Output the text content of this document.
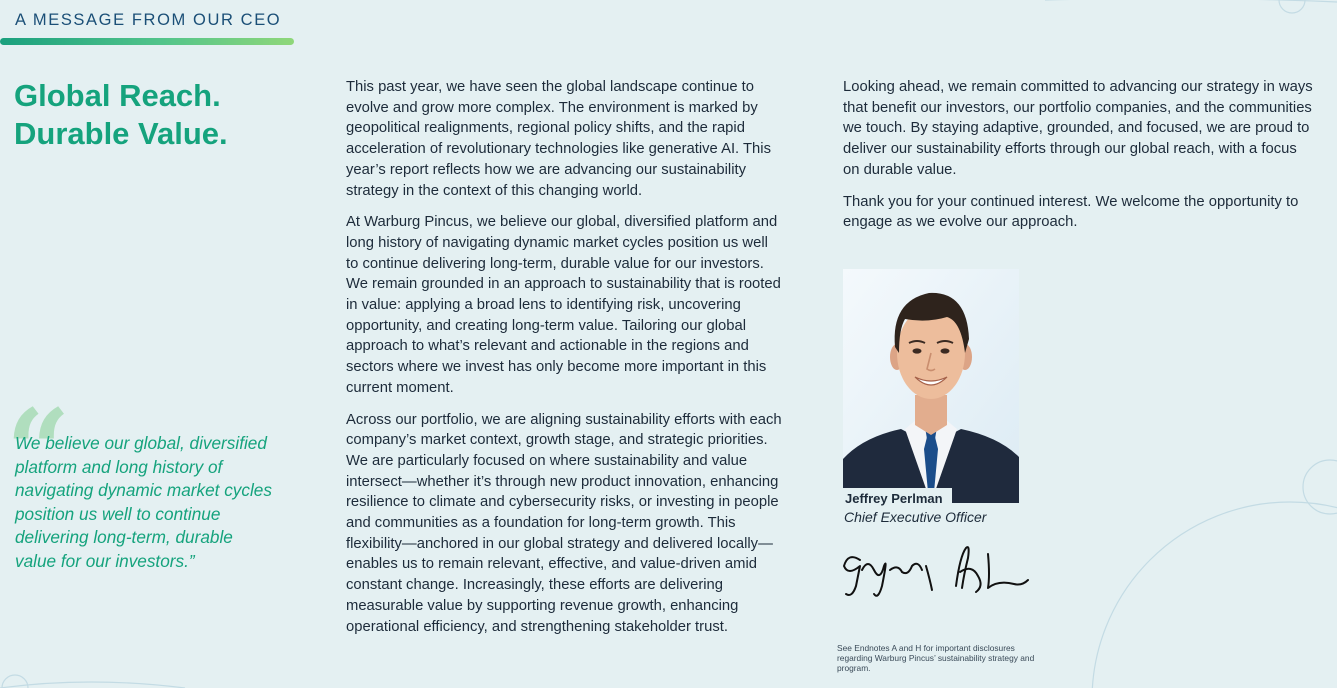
A MESSAGE FROM OUR CEO
Global Reach.
Durable Value.
“
We believe our global, diversified platform and long history of navigating dynamic market cycles position us well to continue delivering long-term, durable value for our investors.”

This past year, we have seen the global landscape continue to evolve and grow more complex. The environment is marked by geopolitical realignments, regional policy shifts, and the rapid acceleration of revolutionary technologies like generative AI. This year’s report reflects how we are advancing our sustainability strategy in the context of this changing world.

At Warburg Pincus, we believe our global, diversified platform and long history of navigating dynamic market cycles position us well to continue delivering long-term, durable value for our investors. We remain grounded in an approach to sustainability that is rooted in value: applying a broad lens to identifying risk, uncovering opportunity, and creating long-term value. Tailoring our global approach to what’s relevant and actionable in the regions and sectors where we invest has only become more important in this current moment.

Across our portfolio, we are aligning sustainability efforts with each company’s market context, growth stage, and strategic priorities. We are particularly focused on where sustainability and value intersect—whether it’s through new product innovation, enhancing resilience to climate and cybersecurity risks, or investing in people and communities as a foundation for long-term growth. This flexibility—anchored in our global strategy and delivered locally—enables us to remain relevant, effective, and value-driven amid constant change. Increasingly, these efforts are delivering measurable value by supporting revenue growth, enhancing operational efficiency, and strengthening stakeholder trust.

Looking ahead, we remain committed to advancing our strategy in ways that benefit our investors, our portfolio companies, and the communities we touch. By staying adaptive, grounded, and focused, we are proud to deliver our sustainability efforts through our global reach, with a focus on durable value.

Thank you for your continued interest. We welcome the opportunity to engage as we evolve our approach.

Jeffrey Perlman
Chief Executive Officer
See Endnotes A and H for important disclosures regarding Warburg Pincus’ sustainability strategy and program.
